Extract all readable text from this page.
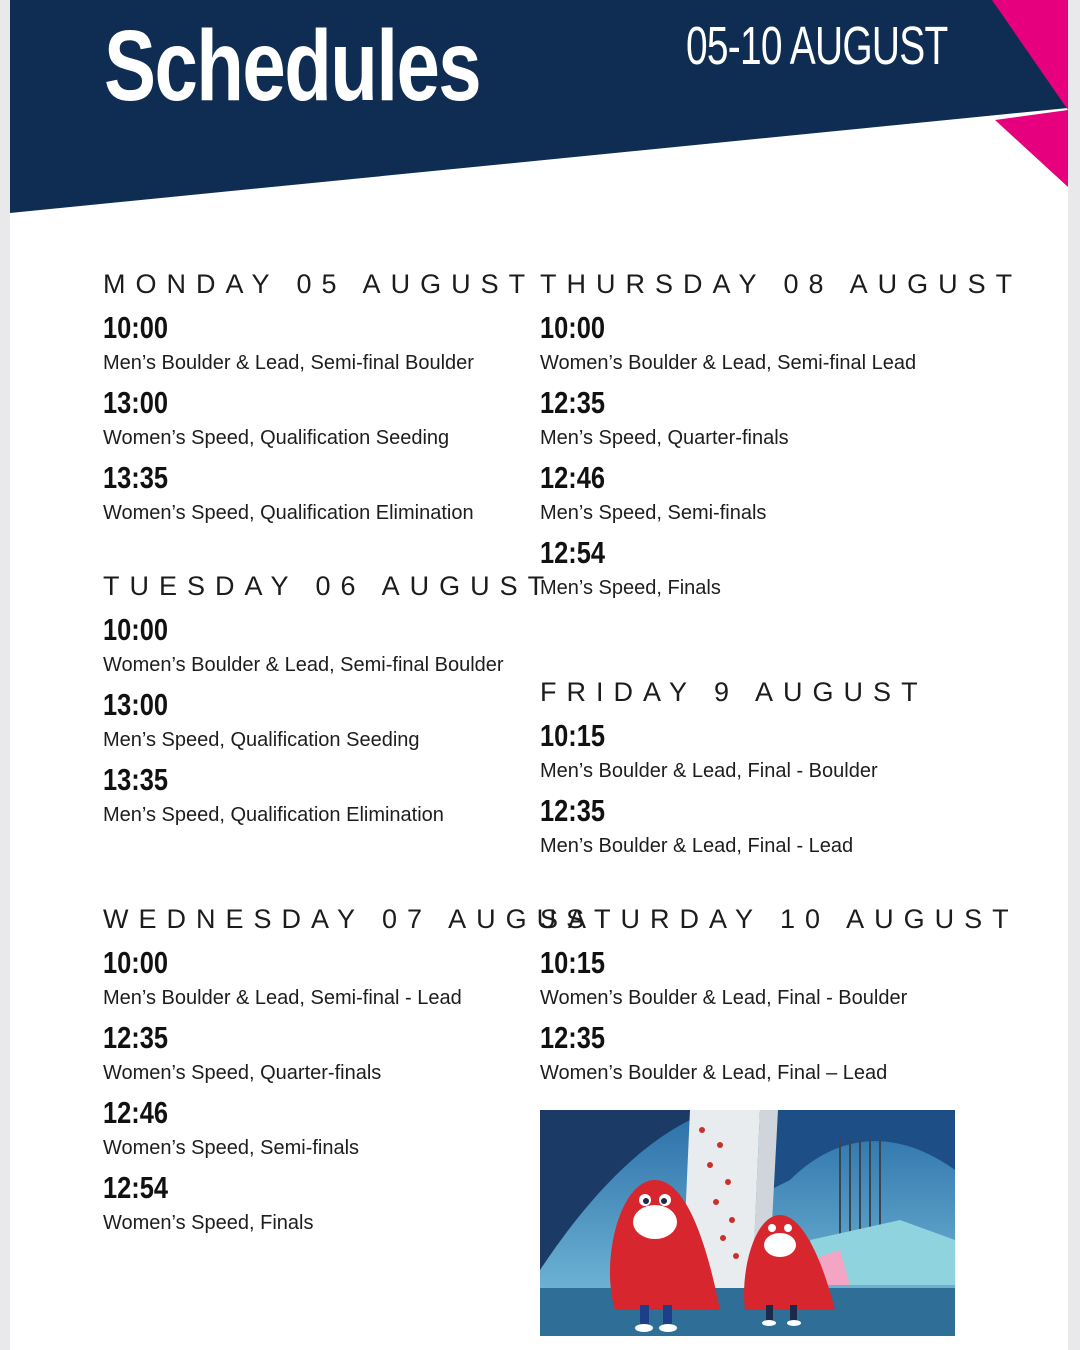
Schedules	05-10 AUGUST
MONDAY 05 AUGUST
10:00
Men’s Boulder & Lead, Semi-final Boulder
13:00
Women’s Speed, Qualification Seeding
13:35
Women’s Speed, Qualification Elimination
TUESDAY 06 AUGUST
10:00
Women’s Boulder & Lead, Semi-final Boulder
13:00
Men’s Speed, Qualification Seeding
13:35
Men’s Speed, Qualification Elimination
WEDNESDAY 07 AUGUST
10:00
Men’s Boulder & Lead, Semi-final - Lead
12:35
Women’s Speed, Quarter-finals
12:46
Women’s Speed, Semi-finals
12:54
Women’s Speed, Finals
THURSDAY 08 AUGUST
10:00
Women’s Boulder & Lead, Semi-final Lead
12:35
Men’s Speed, Quarter-finals
12:46
Men’s Speed, Semi-finals
12:54
Men’s Speed, Finals
FRIDAY 9 AUGUST
10:15
Men’s Boulder & Lead, Final - Boulder
12:35
Men’s Boulder & Lead, Final - Lead
SATURDAY 10 AUGUST
10:15
Women’s Boulder & Lead, Final - Boulder
12:35
Women’s Boulder & Lead, Final – Lead
